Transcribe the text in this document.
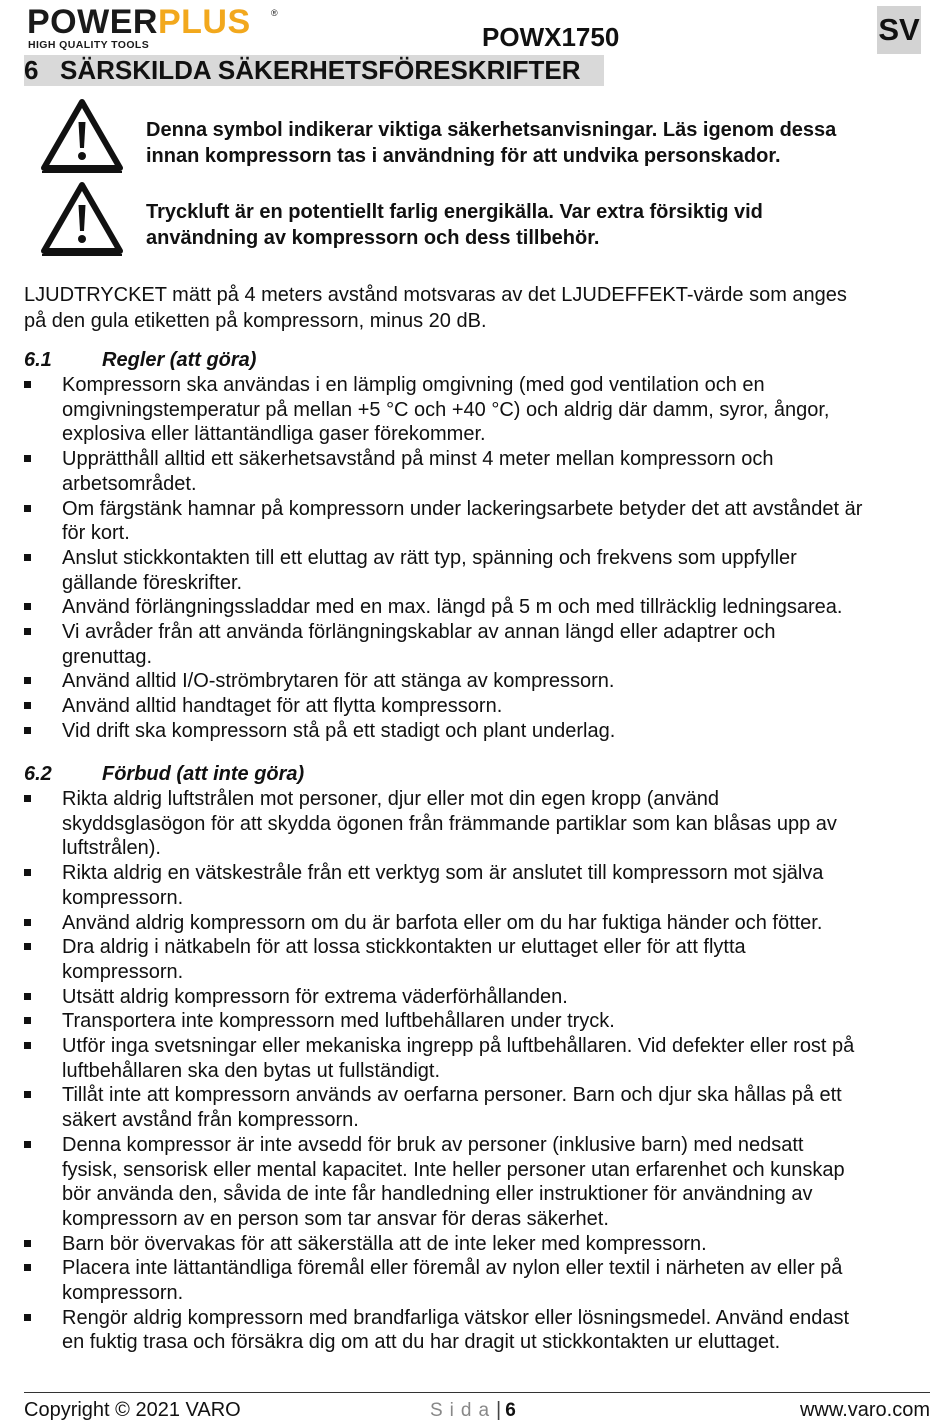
POWERPLUS ®
HIGH QUALITY TOOLS	POWX1750	SV
6 SÄRSKILDA SÄKERHETSFÖRESKRIFTER
Denna symbol indikerar viktiga säkerhetsanvisningar. Läs igenom dessa
innan kompressorn tas i användning för att undvika personskador.
Tryckluft är en potentiellt farlig energikälla. Var extra försiktig vid
användning av kompressorn och dess tillbehör.
LJUDTRYCKET mätt på 4 meters avstånd motsvaras av det LJUDEFFEKT-värde som anges
på den gula etiketten på kompressorn, minus 20 dB.
6.1	Regler (att göra)
Kompressorn ska användas i en lämplig omgivning (med god ventilation och en
omgivningstemperatur på mellan +5 °C och +40 °C) och aldrig där damm, syror, ångor,
explosiva eller lättantändliga gaser förekommer.
Upprätthåll alltid ett säkerhetsavstånd på minst 4 meter mellan kompressorn och
arbetsområdet.
Om färgstänk hamnar på kompressorn under lackeringsarbete betyder det att avståndet är
för kort.
Anslut stickkontakten till ett eluttag av rätt typ, spänning och frekvens som uppfyller
gällande föreskrifter.
Använd förlängningssladdar med en max. längd på 5 m och med tillräcklig ledningsarea.
Vi avråder från att använda förlängningskablar av annan längd eller adaptrer och
grenuttag.
Använd alltid I/O-strömbrytaren för att stänga av kompressorn.
Använd alltid handtaget för att flytta kompressorn.
Vid drift ska kompressorn stå på ett stadigt och plant underlag.
6.2	Förbud (att inte göra)
Rikta aldrig luftstrålen mot personer, djur eller mot din egen kropp (använd
skyddsglasögon för att skydda ögonen från främmande partiklar som kan blåsas upp av
luftstrålen).
Rikta aldrig en vätskestråle från ett verktyg som är anslutet till kompressorn mot själva
kompressorn.
Använd aldrig kompressorn om du är barfota eller om du har fuktiga händer och fötter.
Dra aldrig i nätkabeln för att lossa stickkontakten ur eluttaget eller för att flytta
kompressorn.
Utsätt aldrig kompressorn för extrema väderförhållanden.
Transportera inte kompressorn med luftbehållaren under tryck.
Utför inga svetsningar eller mekaniska ingrepp på luftbehållaren. Vid defekter eller rost på
luftbehållaren ska den bytas ut fullständigt.
Tillåt inte att kompressorn används av oerfarna personer. Barn och djur ska hållas på ett
säkert avstånd från kompressorn.
Denna kompressor är inte avsedd för bruk av personer (inklusive barn) med nedsatt
fysisk, sensorisk eller mental kapacitet. Inte heller personer utan erfarenhet och kunskap
bör använda den, såvida de inte får handledning eller instruktioner för användning av
kompressorn av en person som tar ansvar för deras säkerhet.
Barn bör övervakas för att säkerställa att de inte leker med kompressorn.
Placera inte lättantändliga föremål eller föremål av nylon eller textil i närheten av eller på
kompressorn.
Rengör aldrig kompressorn med brandfarliga vätskor eller lösningsmedel. Använd endast
en fuktig trasa och försäkra dig om att du har dragit ut stickkontakten ur eluttaget.
Copyright © 2021 VARO	Sida| 6	www.varo.com
